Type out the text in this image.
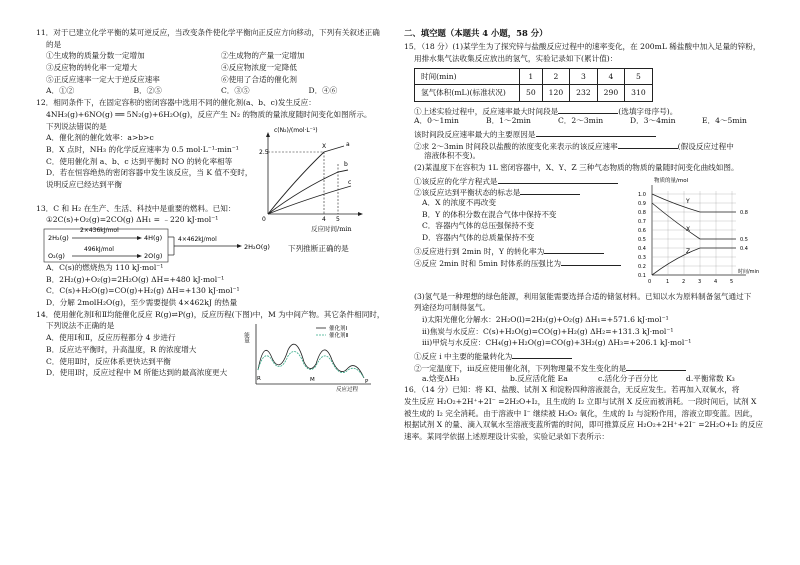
11．对于已建立化学平衡的某可逆反应，当改变条件使化学平衡向正反应方向移动，下列有关叙述正确
的是
①生成物的质量分数一定增加	②生成物的产量一定增加
③反应物的转化率一定增大	④反应物浓度一定降低
⑤正反应速率一定大于逆反应速率	⑥使用了合适的催化剂
A．①②	B．②⑤	C．③⑤	D．④⑥
12．相同条件下，在固定容积的密闭容器中选用不同的催化剂(a、b、c)发生反应：
4NH₃(g)+6NO(g) ══ 5N₂(g)+6H₂O(g)，反应产生 N₂ 的物质的量浓度随时间变化如图所示。
下列说法错误的是
A．催化剂的催化效率：a>b>c
B．X 点时，NH₃ 的化学反应速率为 0.5 mol·L⁻¹·min⁻¹
C．使用催化剂 a、b、c 达到平衡时 NO 的转化率相等
D．若在恒容绝热的密闭容器中发生该反应，当 K 值不变时，
说明反应已经达到平衡
c(N₂)/(mol·L⁻¹)
2.5
X	a
b
c
0	4 5
反应时间/min
13．C 和 H₂ 在生产、生活、科技中是重要的燃料。已知：
①2C(s)+O₂(g)=2CO(g) ΔH₁ = ﹣220 kJ·mol⁻¹
2H₂(g)
O₂(g)
4H(g)
2O(g)
2H₂O(g)
2×436kJ/mol
496kJ/mol
4×462kJ/mol
下列推断正确的是
A．C(s)的燃烧热为 110 kJ·mol⁻¹
B．2H₂(g)+O₂(g)=2H₂O(g) ΔH=+480 kJ·mol⁻¹
C．C(s)+H₂O(g)=CO(g)+H₂(g) ΔH=+130 kJ·mol⁻¹
D．分解 2molH₂O(g)，至少需要提供 4×462kJ 的热量
14．使用催化剂Ⅰ和Ⅱ均能催化反应 R(g)⇌P(g)，反应历程(下图)中，M 为中间产物。其它条件相同时，
下列说法不正确的是
A．使用Ⅰ和Ⅱ，反应历程都分 4 步进行
B．反应达平衡时，升高温度，R 的浓度增大
C．使用Ⅱ时，反应体系更快达到平衡
D．使用Ⅰ时，反应过程中 M 所能达到的最高浓度更大
能量
催化剂Ⅰ
催化剂Ⅱ
R	M	P
反应过程
二、填空题（本题共 4 小题，58 分）
15．（18 分）(1)某学生为了探究锌与盐酸反应过程中的速率变化，在 200mL 稀盐酸中加入足量的锌粉，
用排水集气法收集反应放出的氢气，实验记录如下(累计值)：
时间(min)	1	2	3	4	5
氢气体积(mL)(标准状况)	50	120	232	290	310
①上述实验过程中，反应速率最大时间段是	(选填字母序号)。
A．0～1min	B．1～2min	C．2～3min	D．3～4min	E．4～5min
该时间段反应速率最大的主要原因是
②求 2～3min 时间段以盐酸的浓度变化来表示的该反应速率	(假设反应过程中
溶液体积不变)。
(2)某温度下在容积为 1L 密闭容器中，X、Y、Z 三种气态物质的物质的量随时间变化曲线如图。
①该反应的化学方程式是
②该反应达到平衡状态的标志是
A．X 的浓度不再改变
B．Y 的体积分数在混合气体中保持不变
C．容器内气体的总压强保持不变
D．容器内气体的总质量保持不变
③反应进行到 2min 时，Y 的转化率为
④反应 2min 时和 5min 时体系的压强比为
物质的量/mol
1.0
0.9
0.8
0.7
0.6
0.5
0.4
0.3
0.2
0.1
0	1	2	3	4	5
时间/min
Y
X
Z
0.8
0.5
0.4
(3)氢气是一种理想的绿色能源，利用氢能需要选择合适的储氢材料。已知以水为原料制备氢气通过下
列途径均可制得氢气。
i)太阳光催化分解水：2H₂O(l)=2H₂(g)+O₂(g) ΔH₁=+571.6 kJ·mol⁻¹
ii)焦炭与水反应：C(s)+H₂O(g)=CO(g)+H₂(g) ΔH₂=+131.3 kJ·mol⁻¹
iii)甲烷与水反应：CH₄(g)+H₂O(g)=CO(g)+3H₂(g) ΔH₃=+206.1 kJ·mol⁻¹
①反应 i 中主要的能量转化为
②一定温度下，iii反应使用催化剂，下列物理量不发生变化的是
a.焓变ΔH₃	b.反应活化能 Ea	c.活化分子百分比	d.平衡常数 K₃
16．（14 分）已知：将 KI、盐酸、试剂 X 和淀粉四种溶液混合，无反应发生。若再加入双氧水，将
发生反应 H₂O₂+2H⁺+2I⁻ =2H₂O+I₂，且生成的 I₂ 立即与试剂 X 反应而被消耗。一段时间后，试剂 X
被生成的 I₂ 完全消耗。由于溶液中 I⁻ 继续被 H₂O₂ 氧化，生成的 I₂ 与淀粉作用，溶液立即变蓝。因此，
根据试剂 X 的量、滴入双氧水至溶液变蓝所需的时间，即可推算反应 H₂O₂+2H⁺+2I⁻ =2H₂O+I₂ 的反应
速率。某同学依据上述原理设计实验，实验记录如下表所示：
